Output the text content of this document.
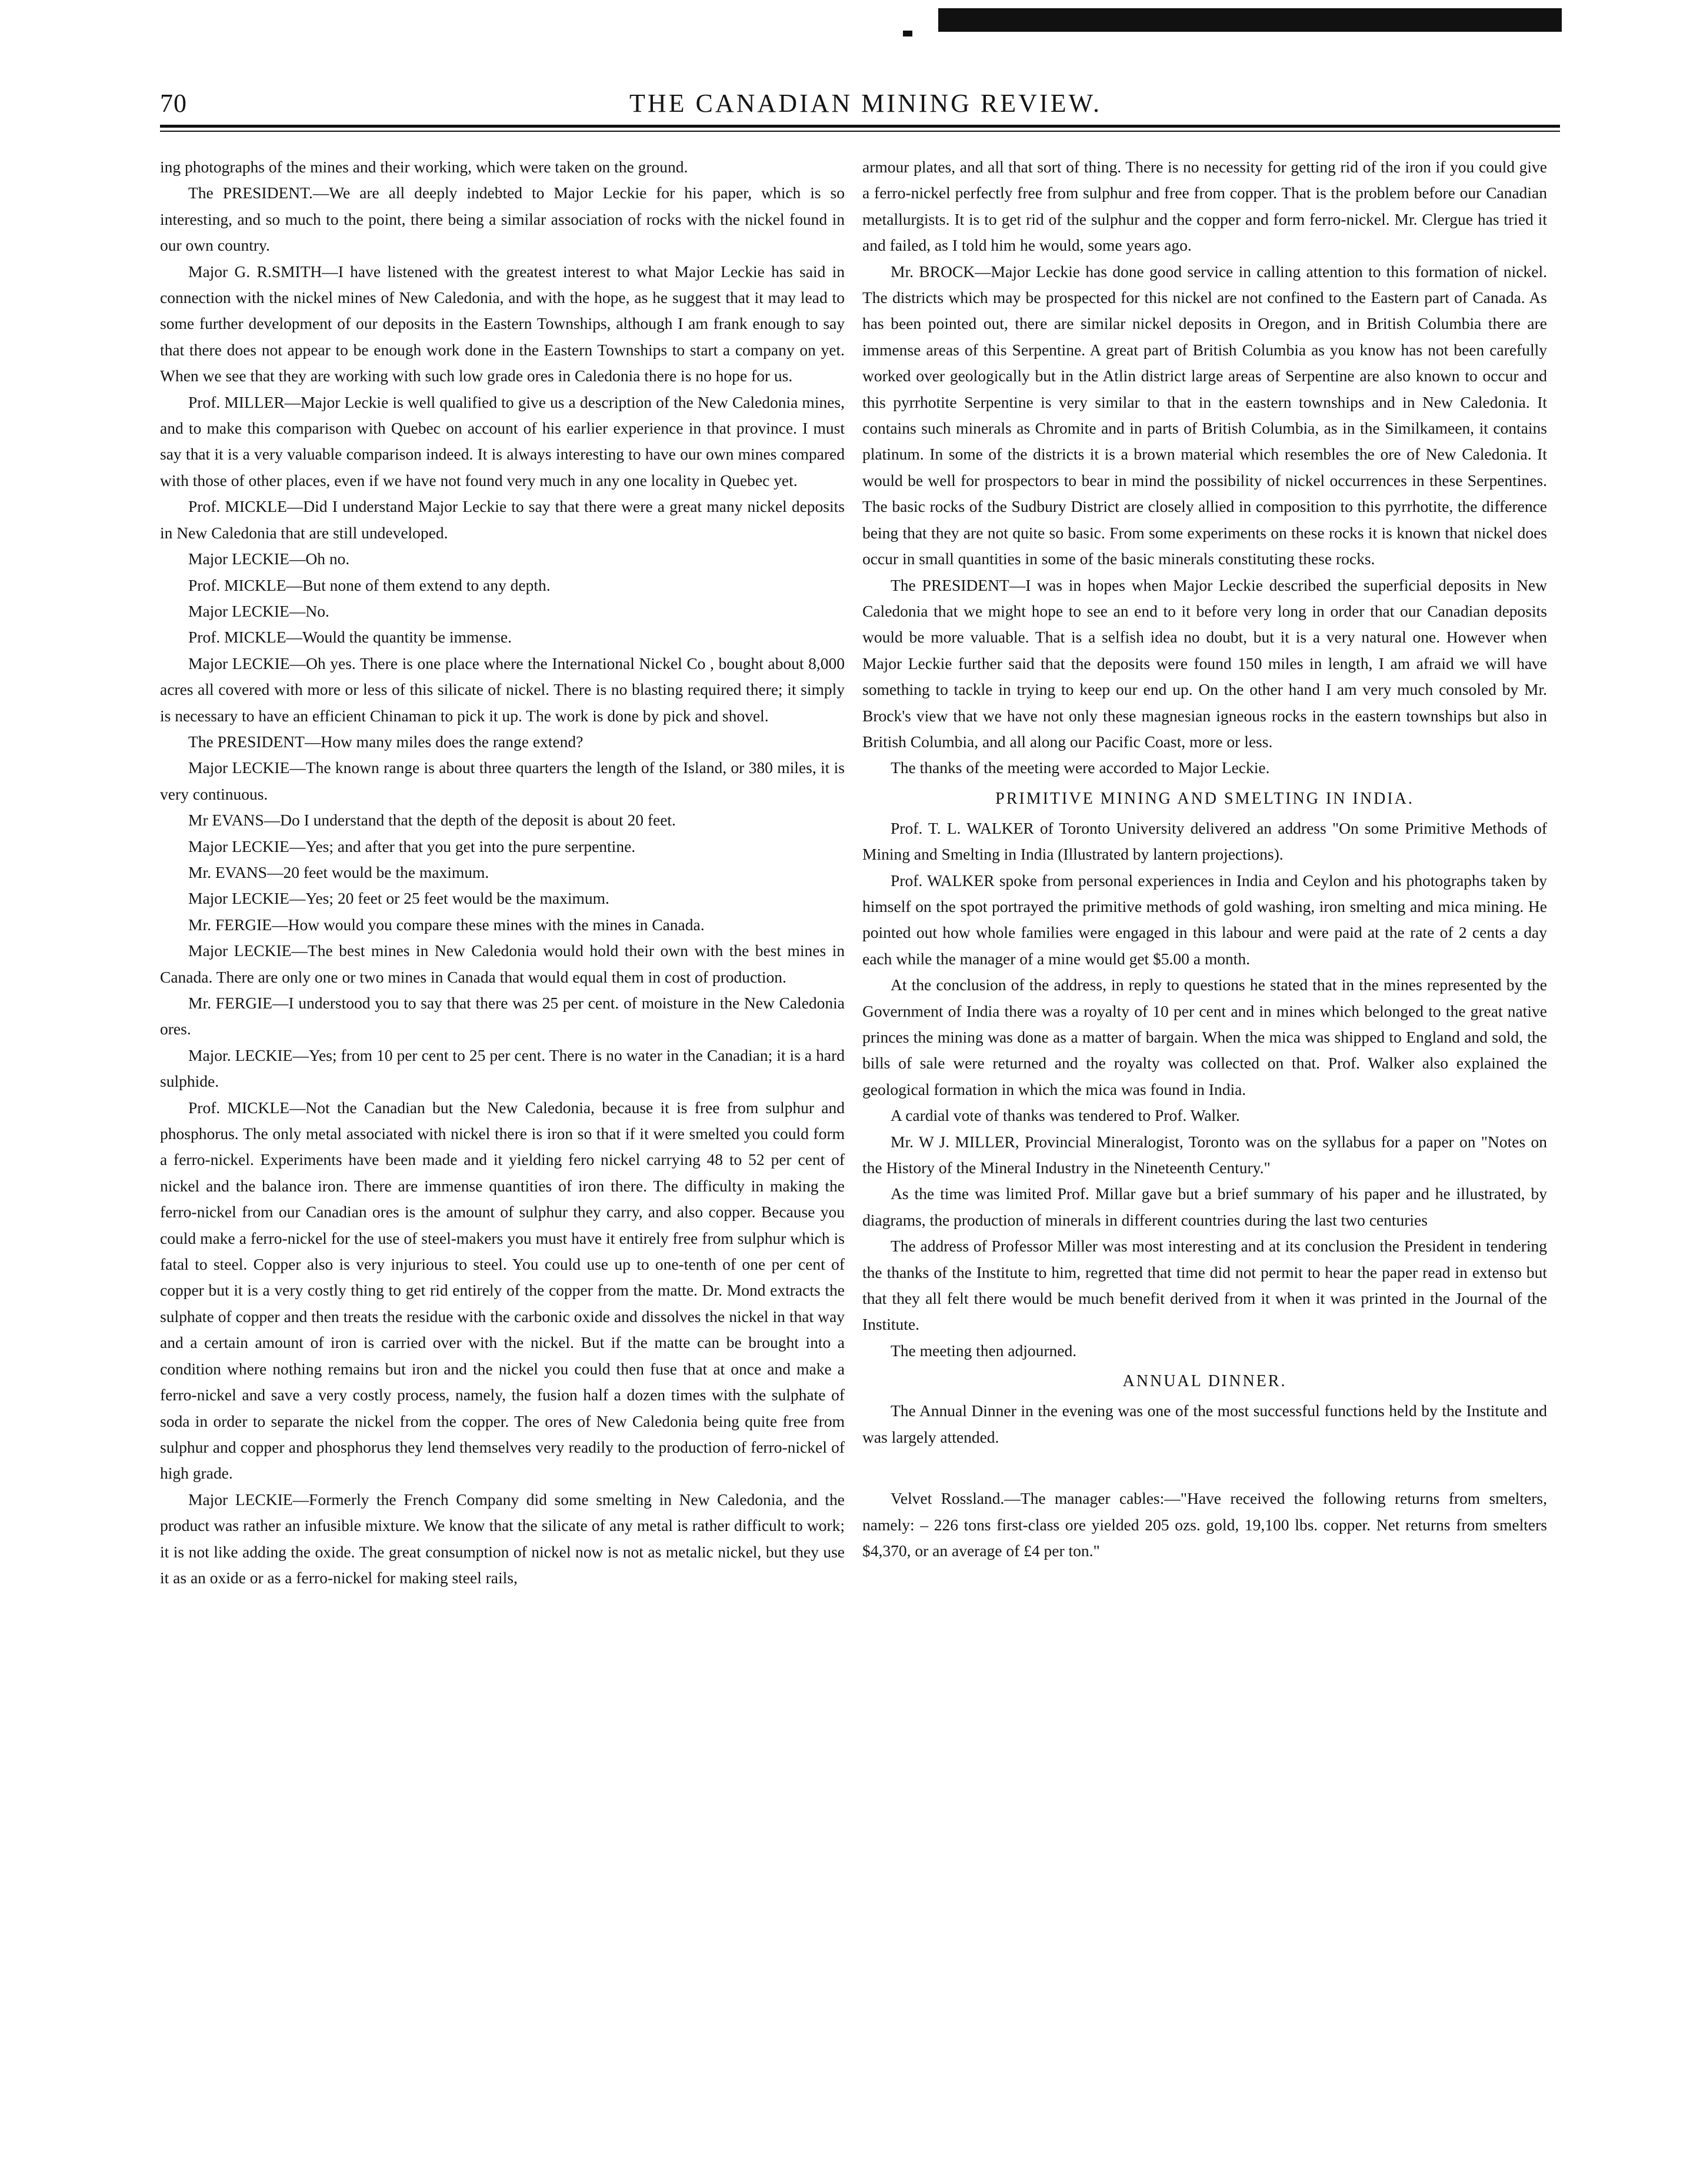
70	THE CANADIAN MINING REVIEW.

ing photographs of the mines and their working, which were taken on the ground.

The PRESIDENT.—We are all deeply indebted to Major Leckie for his paper, which is so interesting, and so much to the point, there being a similar association of rocks with the nickel found in our own country.

Major G. R.SMITH—I have listened with the greatest interest to what Major Leckie has said in connection with the nickel mines of New Caledonia, and with the hope, as he suggest that it may lead to some further development of our deposits in the Eastern Townships, although I am frank enough to say that there does not appear to be enough work done in the Eastern Townships to start a company on yet. When we see that they are working with such low grade ores in Caledonia there is no hope for us.

Prof. MILLER—Major Leckie is well qualified to give us a description of the New Caledonia mines, and to make this comparison with Quebec on account of his earlier experience in that province. I must say that it is a very valuable comparison indeed. It is always interesting to have our own mines compared with those of other places, even if we have not found very much in any one locality in Quebec yet.

Prof. MICKLE—Did I understand Major Leckie to say that there were a great many nickel deposits in New Caledonia that are still undeveloped.

Major LECKIE—Oh no.

Prof. MICKLE—But none of them extend to any depth.

Major LECKIE—No.

Prof. MICKLE—Would the quantity be immense.

Major LECKIE—Oh yes. There is one place where the International Nickel Co , bought about 8,000 acres all covered with more or less of this silicate of nickel. There is no blasting required there; it simply is necessary to have an efficient Chinaman to pick it up. The work is done by pick and shovel.

The PRESIDENT—How many miles does the range extend?

Major LECKIE—The known range is about three quarters the length of the Island, or 380 miles, it is very continuous.

Mr EVANS—Do I understand that the depth of the deposit is about 20 feet.

Major LECKIE—Yes; and after that you get into the pure serpentine.

Mr. EVANS—20 feet would be the maximum.

Major LECKIE—Yes; 20 feet or 25 feet would be the maximum.

Mr. FERGIE—How would you compare these mines with the mines in Canada.

Major LECKIE—The best mines in New Caledonia would hold their own with the best mines in Canada. There are only one or two mines in Canada that would equal them in cost of production.

Mr. FERGIE—I understood you to say that there was 25 per cent. of moisture in the New Caledonia ores.

Major. LECKIE—Yes; from 10 per cent to 25 per cent. There is no water in the Canadian; it is a hard sulphide.

Prof. MICKLE—Not the Canadian but the New Caledonia, because it is free from sulphur and phosphorus. The only metal associated with nickel there is iron so that if it were smelted you could form a ferro-nickel. Experiments have been made and it yielding fero nickel carrying 48 to 52 per cent of nickel and the balance iron. There are immense quantities of iron there. The difficulty in making the ferro-nickel from our Canadian ores is the amount of sulphur they carry, and also copper. Because you could make a ferro-nickel for the use of steel-makers you must have it entirely free from sulphur which is fatal to steel. Copper also is very injurious to steel. You could use up to one-tenth of one per cent of copper but it is a very costly thing to get rid entirely of the copper from the matte. Dr. Mond extracts the sulphate of copper and then treats the residue with the carbonic oxide and dissolves the nickel in that way and a certain amount of iron is carried over with the nickel. But if the matte can be brought into a condition where nothing remains but iron and the nickel you could then fuse that at once and make a ferro-nickel and save a very costly process, namely, the fusion half a dozen times with the sulphate of soda in order to separate the nickel from the copper. The ores of New Caledonia being quite free from sulphur and copper and phosphorus they lend themselves very readily to the production of ferro-nickel of high grade.

Major LECKIE—Formerly the French Company did some smelting in New Caledonia, and the product was rather an infusible mixture. We know that the silicate of any metal is rather difficult to work; it is not like adding the oxide. The great consumption of nickel now is not as metalic nickel, but they use it as an oxide or as a ferro-nickel for making steel rails,

armour plates, and all that sort of thing. There is no necessity for getting rid of the iron if you could give a ferro-nickel perfectly free from sulphur and free from copper. That is the problem before our Canadian metallurgists. It is to get rid of the sulphur and the copper and form ferro-nickel. Mr. Clergue has tried it and failed, as I told him he would, some years ago.

Mr. BROCK—Major Leckie has done good service in calling attention to this formation of nickel. The districts which may be prospected for this nickel are not confined to the Eastern part of Canada. As has been pointed out, there are similar nickel deposits in Oregon, and in British Columbia there are immense areas of this Serpentine. A great part of British Columbia as you know has not been carefully worked over geologically but in the Atlin district large areas of Serpentine are also known to occur and this pyrrhotite Serpentine is very similar to that in the eastern townships and in New Caledonia. It contains such minerals as Chromite and in parts of British Columbia, as in the Similkameen, it contains platinum. In some of the districts it is a brown material which resembles the ore of New Caledonia. It would be well for prospectors to bear in mind the possibility of nickel occurrences in these Serpentines. The basic rocks of the Sudbury District are closely allied in composition to this pyrrhotite, the difference being that they are not quite so basic. From some experiments on these rocks it is known that nickel does occur in small quantities in some of the basic minerals constituting these rocks.

The PRESIDENT—I was in hopes when Major Leckie described the superficial deposits in New Caledonia that we might hope to see an end to it before very long in order that our Canadian deposits would be more valuable. That is a selfish idea no doubt, but it is a very natural one. However when Major Leckie further said that the deposits were found 150 miles in length, I am afraid we will have something to tackle in trying to keep our end up. On the other hand I am very much consoled by Mr. Brock's view that we have not only these magnesian igneous rocks in the eastern townships but also in British Columbia, and all along our Pacific Coast, more or less.

The thanks of the meeting were accorded to Major Leckie.

PRIMITIVE MINING AND SMELTING IN INDIA.

Prof. T. L. WALKER of Toronto University delivered an address "On some Primitive Methods of Mining and Smelting in India (Illustrated by lantern projections).

Prof. WALKER spoke from personal experiences in India and Ceylon and his photographs taken by himself on the spot portrayed the primitive methods of gold washing, iron smelting and mica mining. He pointed out how whole families were engaged in this labour and were paid at the rate of 2 cents a day each while the manager of a mine would get $5.00 a month.

At the conclusion of the address, in reply to questions he stated that in the mines represented by the Government of India there was a royalty of 10 per cent and in mines which belonged to the great native princes the mining was done as a matter of bargain. When the mica was shipped to England and sold, the bills of sale were returned and the royalty was collected on that. Prof. Walker also explained the geological formation in which the mica was found in India.

A cardial vote of thanks was tendered to Prof. Walker.

Mr. W J. MILLER, Provincial Mineralogist, Toronto was on the syllabus for a paper on "Notes on the History of the Mineral Industry in the Nineteenth Century."

As the time was limited Prof. Millar gave but a brief summary of his paper and he illustrated, by diagrams, the production of minerals in different countries during the last two centuries

The address of Professor Miller was most interesting and at its conclusion the President in tendering the thanks of the Institute to him, regretted that time did not permit to hear the paper read in extenso but that they all felt there would be much benefit derived from it when it was printed in the Journal of the Institute.

The meeting then adjourned.

ANNUAL DINNER.

The Annual Dinner in the evening was one of the most successful functions held by the Institute and was largely attended.

Velvet Rossland.—The manager cables:—"Have received the following returns from smelters, namely: – 226 tons first-class ore yielded 205 ozs. gold, 19,100 lbs. copper. Net returns from smelters $4,370, or an average of £4 per ton."
